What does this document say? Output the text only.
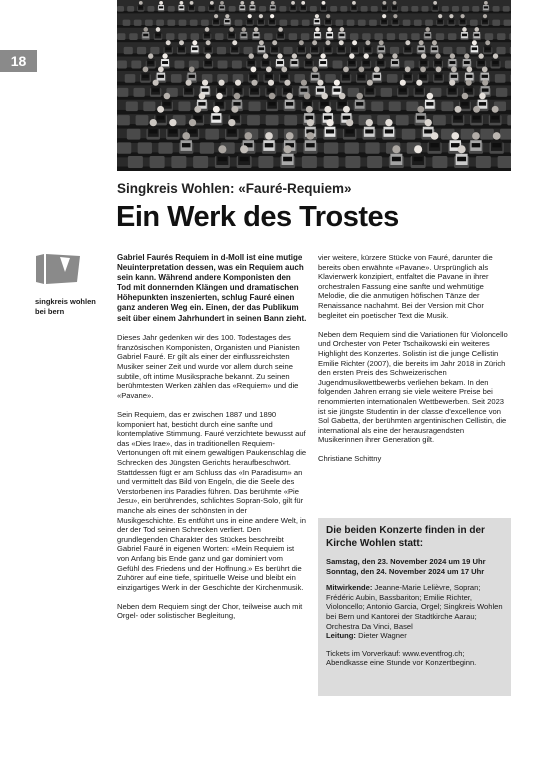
18
Singkreis Wohlen: «Fauré-Requiem»
Ein Werk des Trostes
singkreis wohlen
bei bern

Gabriel Faurés Requiem in d-Moll ist eine mutige Neuinterpretation dessen, was ein Requiem auch sein kann. Während andere Komponisten den Tod mit donnernden Klängen und dramatischen Höhepunkten inszenierten, schlug Fauré einen ganz anderen Weg ein. Einen, der das Publikum seit über einem Jahrhundert in seinen Bann zieht.

Dieses Jahr gedenken wir des 100. Todestages des französischen Komponisten, Organisten und Pianisten Gabriel Fauré. Er gilt als einer der einflussreichsten Musiker seiner Zeit und wurde vor allem durch seine subtile, oft intime Musiksprache bekannt. Zu seinen berühmtesten Werken zählen das «Requiem» und die «Pavane».

Sein Requiem, das er zwischen 1887 und 1890 komponiert hat, besticht durch eine sanfte und kontemplative Stimmung. Fauré verzichtete bewusst auf das «Dies Irae», das in traditionellen Requiem-Vertonungen oft mit einem gewaltigen Paukenschlag die Schrecken des Jüngsten Gerichts heraufbeschwört. Stattdessen fügt er am Schluss das «In Paradisum» an und vermittelt das Bild von Engeln, die die Seele des Verstorbenen ins Paradies führen. Das berühmte «Pie Jesu», ein berührendes, schlichtes Sopran-Solo, gilt für manche als eines der schönsten in der Musikgeschichte. Es entführt uns in eine andere Welt, in der der Tod seinen Schrecken verliert. Den grundlegenden Charakter des Stückes beschreibt Gabriel Fauré in eigenen Worten: «Mein Requiem ist von Anfang bis Ende ganz und gar dominiert vom Gefühl des Friedens und der Hoffnung.» Es berührt die Zuhörer auf eine tiefe, spirituelle Weise und bleibt ein einzigartiges Werk in der Geschichte der Kirchenmusik.

Neben dem Requiem singt der Chor, teilweise auch mit Orgel- oder solistischer Begleitung,

vier weitere, kürzere Stücke von Fauré, darunter die bereits oben erwähnte «Pavane». Ursprünglich als Klavierwerk konzipiert, entfaltet die Pavane in ihrer orchestralen Fassung eine sanfte und wehmütige Melodie, die die anmutigen höfischen Tänze der Renaissance nachahmt. Bei der Version mit Chor begleitet ein poetischer Text die Musik.

Neben dem Requiem sind die Variationen für Violoncello und Orchester von Peter Tschaikowski ein weiteres Highlight des Konzertes. Solistin ist die junge Cellistin Emilie Richter (2007), die bereits im Jahr 2018 in Zürich den ersten Preis des Schweizerischen Jugendmusikwettbewerbs verliehen bekam. In den folgenden Jahren errang sie viele weitere Preise bei renommierten internationalen Wettbewerben. Seit 2023 ist sie jüngste Studentin in der classe d'excellence von Sol Gabetta, der berühmten argentinischen Cellistin, die international als eine der herausragendsten Musikerinnen ihrer Generation gilt.

Christiane Schittny

Die beiden Konzerte finden in der Kirche Wohlen statt:
Samstag, den 23. November 2024 um 19 Uhr
Sonntag, den 24. November 2024 um 17 Uhr

Mitwirkende: Jeanne-Marie Lelièvre, Sopran; Frédéric Aubin, Bassbariton; Emilie Richter, Violoncello; Antonio Garcia, Orgel; Singkreis Wohlen bei Bern und Kantorei der Stadtkirche Aarau; Orchestra Da Vinci, Basel
Leitung: Dieter Wagner

Tickets im Vorverkauf: www.eventfrog.ch; Abendkasse eine Stunde vor Konzertbeginn.
